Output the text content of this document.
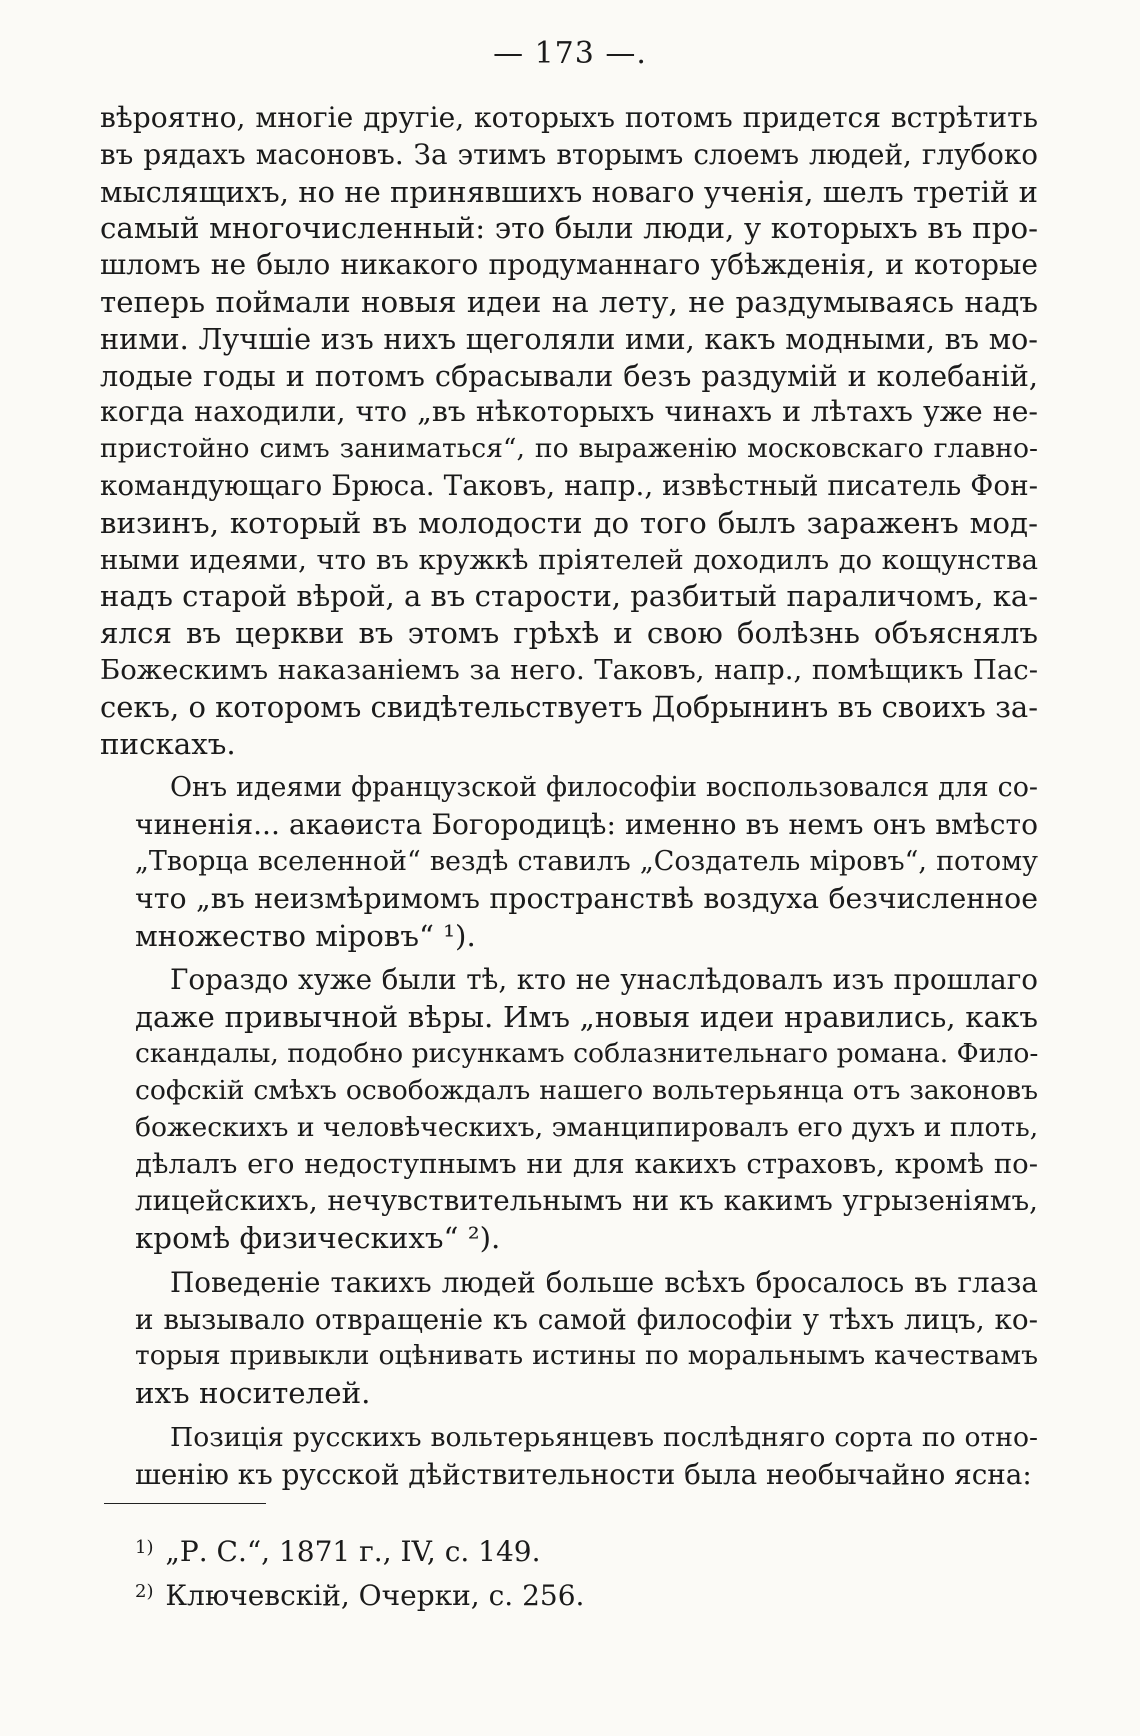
— 173 —.

вѣроятно, многіе другіе, которыхъ потомъ придется встрѣтить
въ рядахъ масоновъ. За этимъ вторымъ слоемъ людей, глубоко
мыслящихъ, но не принявшихъ новаго ученія, шелъ третій и
самый многочисленный: это были люди, у которыхъ въ про-
шломъ не было никакого продуманнаго убѣжденія, и которые
теперь поймали новыя идеи на лету, не раздумываясь надъ
ними. Лучшіе изъ нихъ щеголяли ими, какъ модными, въ мо-
лодые годы и потомъ сбрасывали безъ раздумій и колебаній,
когда находили, что „въ нѣкоторыхъ чинахъ и лѣтахъ уже не-
пристойно симъ заниматься“, по выраженію московскаго главно-
командующаго Брюса. Таковъ, напр., извѣстный писатель Фон-
визинъ, который въ молодости до того былъ зараженъ мод-
ными идеями, что въ кружкѣ пріятелей доходилъ до кощунства
надъ старой вѣрой, а въ старости, разбитый параличомъ, ка-
ялся въ церкви въ этомъ грѣхѣ и свою болѣзнь объяснялъ
Божескимъ наказаніемъ за него. Таковъ, напр., помѣщикъ Пас-
секъ, о которомъ свидѣтельствуетъ Добрынинъ въ своихъ за-
пискахъ.

Онъ идеями французской философіи воспользовался для со-
чиненія... акаѳиста Богородицѣ: именно въ немъ онъ вмѣсто
„Творца вселенной“ вездѣ ставилъ „Создатель міровъ“, потому
что „въ неизмѣримомъ пространствѣ воздуха безчисленное
множество міровъ“ ¹).

Гораздо хуже были тѣ, кто не унаслѣдовалъ изъ прошлаго
даже привычной вѣры. Имъ „новыя идеи нравились, какъ
скандалы, подобно рисункамъ соблазнительнаго романа. Фило-
софскій смѣхъ освобождалъ нашего вольтерьянца отъ законовъ
божескихъ и человѣческихъ, эманципировалъ его духъ и плоть,
дѣлалъ его недоступнымъ ни для какихъ страховъ, кромѣ по-
лицейскихъ, нечувствительнымъ ни къ какимъ угрызеніямъ,
кромѣ физическихъ“ ²).

Поведеніе такихъ людей больше всѣхъ бросалось въ глаза
и вызывало отвращеніе къ самой философіи у тѣхъ лицъ, ко-
торыя привыкли оцѣнивать истины по моральнымъ качествамъ
ихъ носителей.

Позиція русскихъ вольтерьянцевъ послѣдняго сорта по отно-
шенію къ русской дѣйствительности была необычайно ясна:

$^{1)}$ „Р. С.“, 1871 г., IV, с. 149.

$^{2)}$ Ключевскій, Очерки, с. 256.
